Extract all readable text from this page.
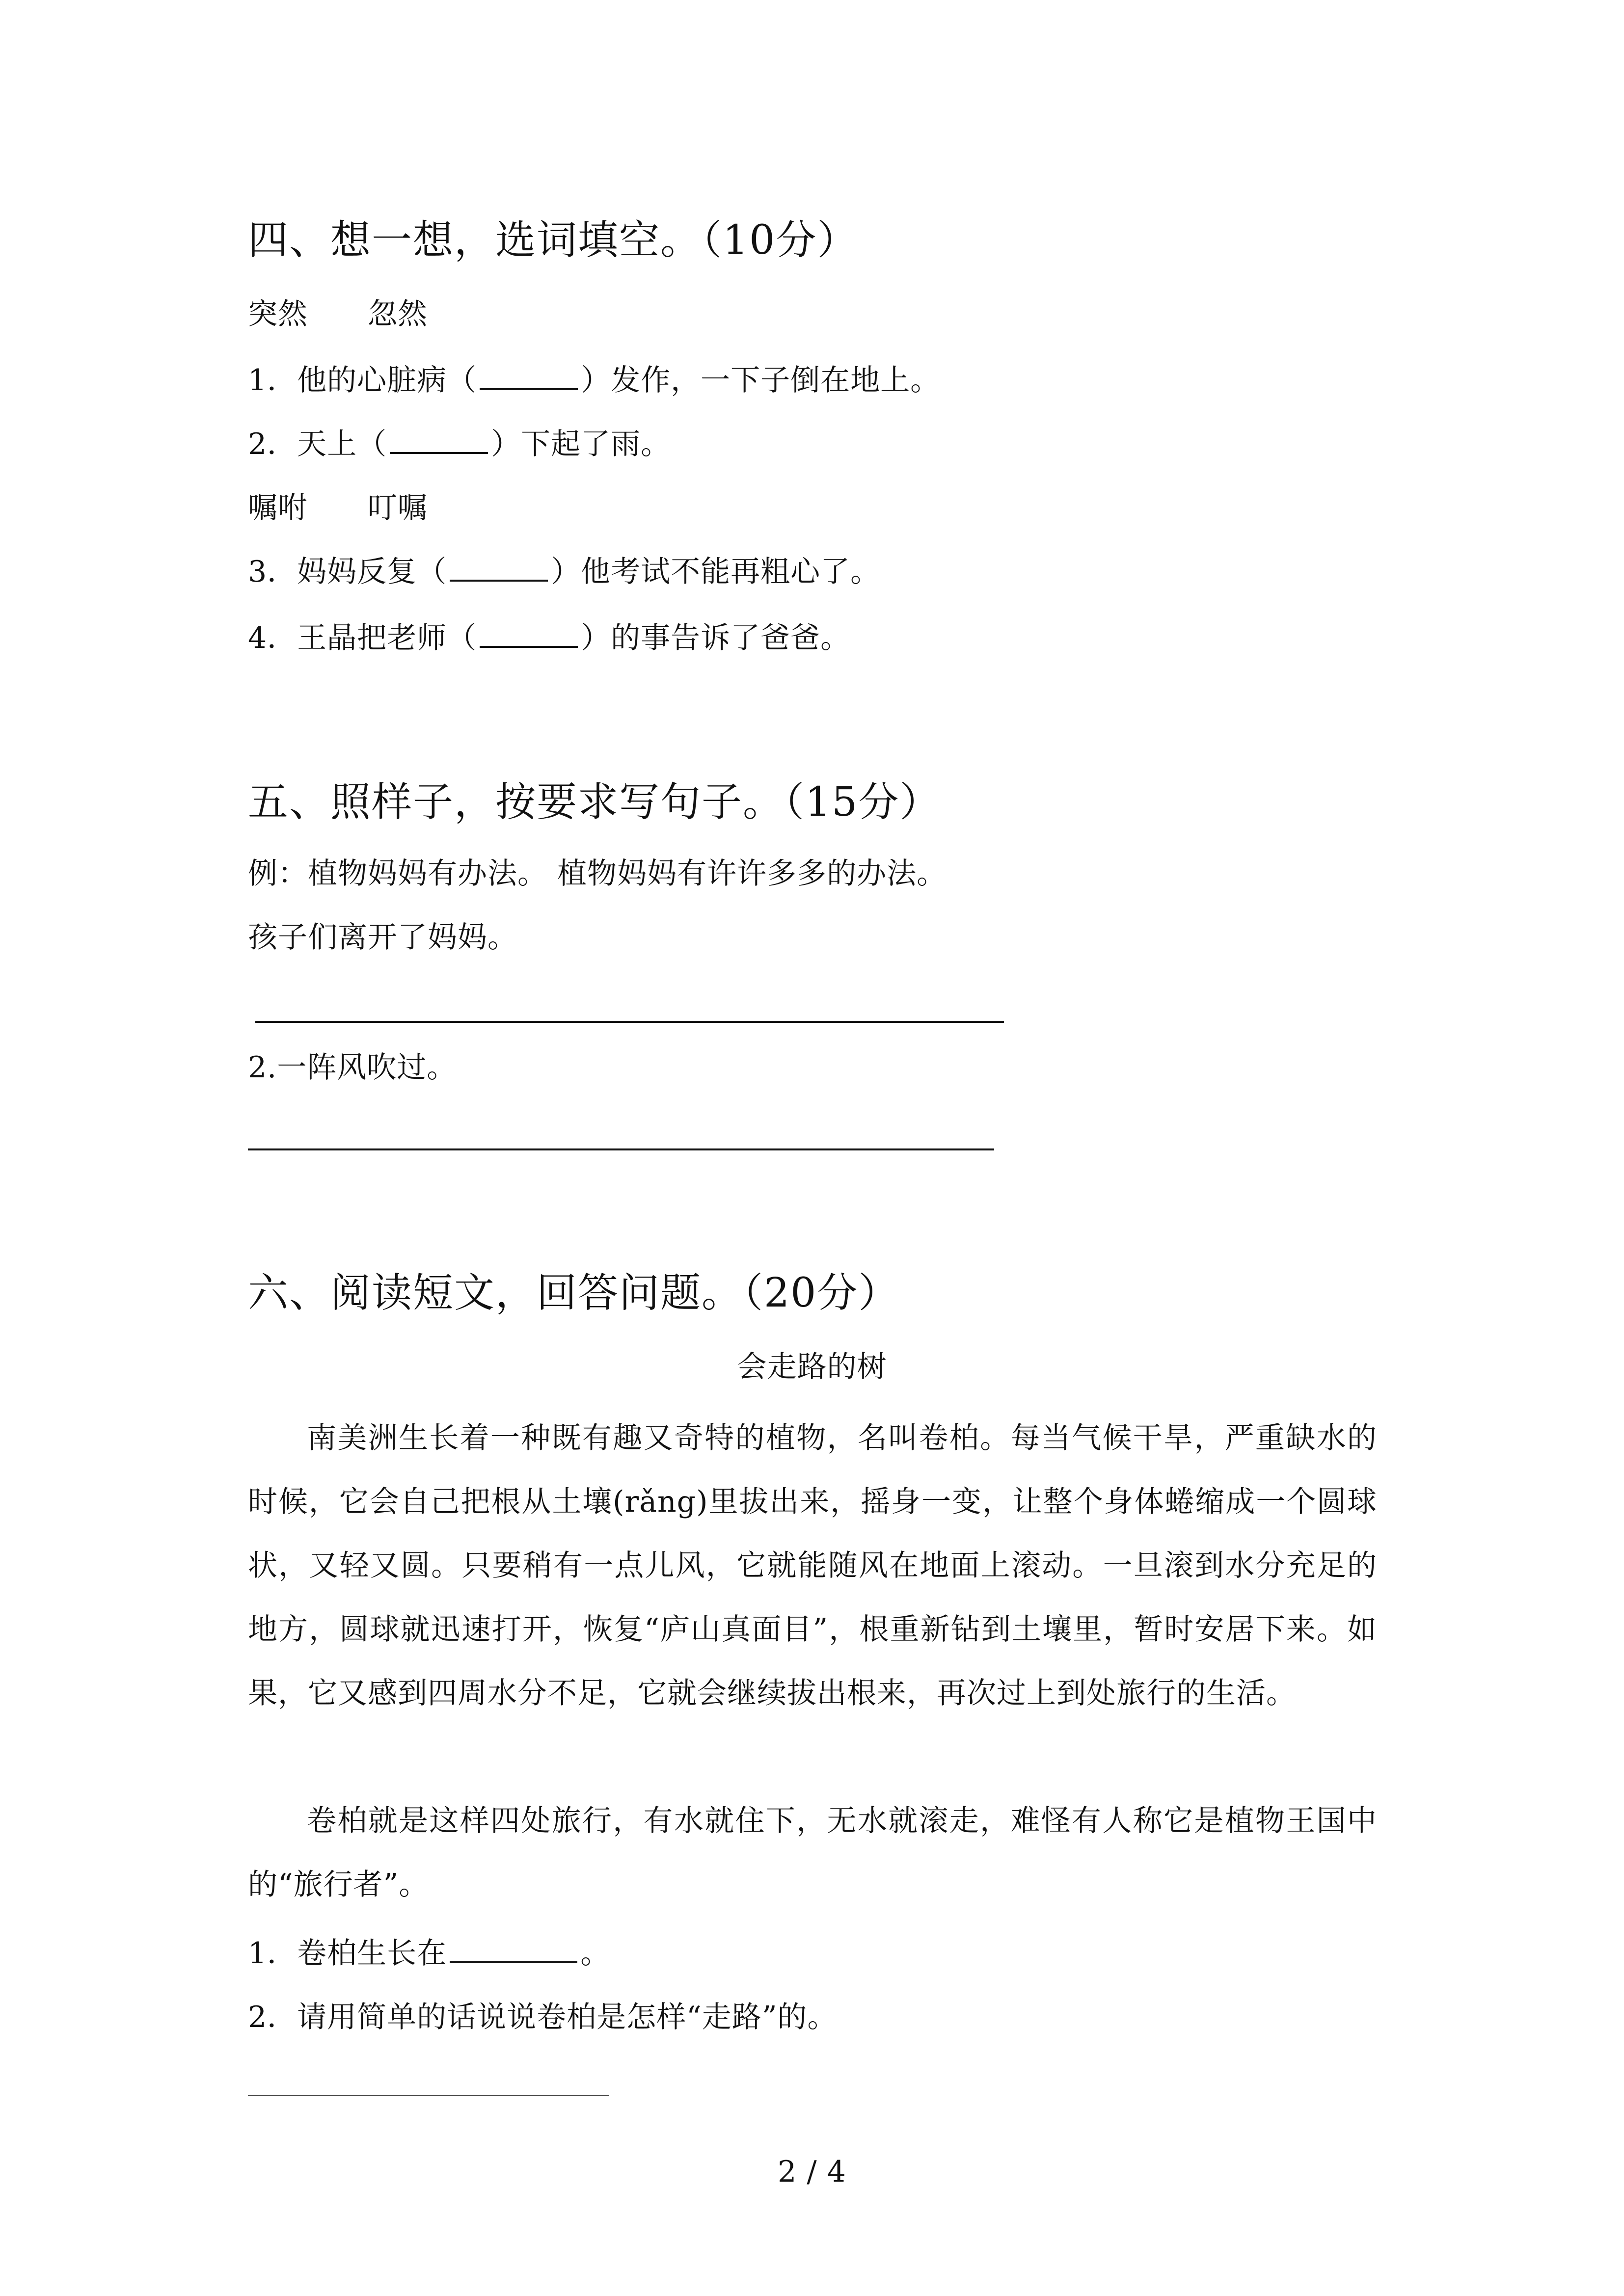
四、想一想，选词填空。（10分）
突然　　忽然
1．他的心脏病（	）发作，一下子倒在地上。
2．天上（	）下起了雨。
嘱咐　　叮嘱
3．妈妈反复（	）他考试不能再粗心了。
4．王晶把老师（	）的事告诉了爸爸。
五、照样子，按要求写句子。（15分）
例：植物妈妈有办法。 植物妈妈有许许多多的办法。
孩子们离开了妈妈。
2.一阵风吹过。
六、阅读短文，回答问题。（20分）
会走路的树
南美洲生长着一种既有趣又奇特的植物，名叫卷柏。每当气候干旱，严重缺水的时候，它会自己把根从土壤(rǎng)里拔出来，摇身一变，让整个身体蜷缩成一个圆球状，又轻又圆。只要稍有一点儿风，它就能随风在地面上滚动。一旦滚到水分充足的地方，圆球就迅速打开，恢复“庐山真面目”，根重新钻到土壤里，暂时安居下来。如果，它又感到四周水分不足，它就会继续拔出根来，再次过上到处旅行的生活。
卷柏就是这样四处旅行，有水就住下，无水就滚走，难怪有人称它是植物王国中的“旅行者”。
1．卷柏生长在	。
2．请用简单的话说说卷柏是怎样“走路”的。
2 / 4
